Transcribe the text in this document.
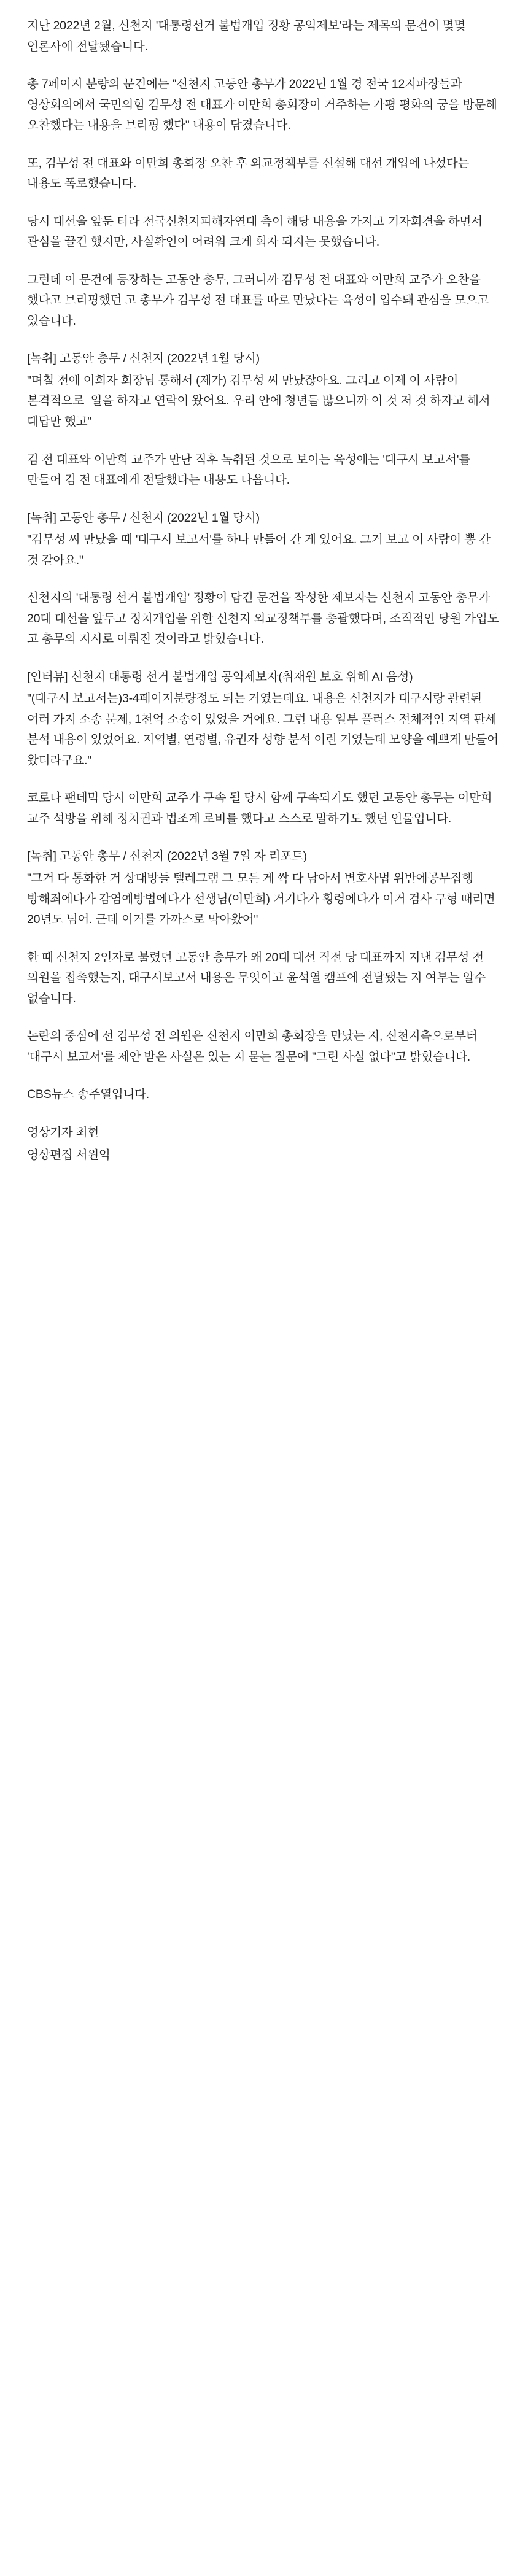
지난 2022년 2월, 신천지 '대통령선거 불법개입 정황 공익제보'라는 제목의 문건이 몇몇 언론사에 전달됐습니다.

총 7페이지 분량의 문건에는 "신천지 고동안 총무가 2022년 1월 경 전국 12지파장들과 영상회의에서 국민의힘 김무성 전 대표가 이만희 총회장이 거주하는 가평 평화의 궁을 방문해 오찬했다는 내용을 브리핑 했다" 내용이 담겼습니다.

또, 김무성 전 대표와 이만희 총회장 오찬 후 외교정책부를 신설해 대선 개입에 나섰다는 내용도 폭로했습니다.

당시 대선을 앞둔 터라 전국신천지피해자연대 측이 해당 내용을 가지고 기자회견을 하면서 관심을 끌긴 했지만, 사실확인이 어려워 크게 회자 되지는 못했습니다.

그런데 이 문건에 등장하는 고동안 총무, 그러니까 김무성 전 대표와 이만희 교주가 오찬을 했다고 브리핑했던 고 총무가 김무성 전 대표를 따로 만났다는 육성이 입수돼 관심을 모으고 있습니다.

[녹취] 고동안 총무 / 신천지 (2022년 1월 당시)

"며칠 전에 이희자 회장님 통해서 (제가) 김무성 씨 만났잖아요. 그리고 이제 이 사람이 본격적으로  일을 하자고 연락이 왔어요. 우리 안에 청년들 많으니까 이 것 저 것 하자고 해서 대답만 했고"

김 전 대표와 이만희 교주가 만난 직후 녹취된 것으로 보이는 육성에는 '대구시 보고서'를 만들어 김 전 대표에게 전달했다는 내용도 나옵니다.

[녹취] 고동안 총무 / 신천지 (2022년 1월 당시)

"김무성 씨 만났을 때 '대구시 보고서'를 하나 만들어 간 게 있어요. 그거 보고 이 사람이 뽕 간 것 같아요."

신천지의 '대통령 선거 불법개입' 정황이 담긴 문건을 작성한 제보자는 신천지 고동안 총무가 20대 대선을 앞두고 정치개입을 위한 신천지 외교정책부를 총괄했다며, 조직적인 당원 가입도 고 총무의 지시로 이뤄진 것이라고 밝혔습니다.

[인터뷰] 신천지 대통령 선거 불법개입 공익제보자(취재원 보호 위해 AI 음성)

"(대구시 보고서는)3-4페이지분량정도 되는 거였는데요. 내용은 신천지가 대구시랑 관련된 여러 가지 소송 문제, 1천억 소송이 있었을 거에요. 그런 내용 일부 플러스 전체적인 지역 판세 분석 내용이 있었어요. 지역별, 연령별, 유권자 성향 분석 이런 거였는데 모양을 예쁘게 만들어 왔더라구요."

코로나 팬데믹 당시 이만희 교주가 구속 될 당시 함께 구속되기도 했던 고동안 총무는 이만희 교주 석방을 위해 정치권과 법조계 로비를 했다고 스스로 말하기도 했던 인물입니다.

[녹취] 고동안 총무 / 신천지 (2022년 3월 7일 자 리포트)

"그거 다 통화한 거 상대방들 텔레그램 그 모든 게 싹 다 남아서 변호사법 위반에공무집행 방해죄에다가 감염예방법에다가 선생님(이만희) 거기다가 횡령에다가 이거 검사 구형 때리면 20년도 넘어. 근데 이거를 가까스로 막아왔어"

한 때 신천지 2인자로 불렸던 고동안 총무가 왜 20대 대선 직전 당 대표까지 지낸 김무성 전 의원을 접촉했는지, 대구시보고서 내용은 무엇이고 윤석열 캠프에 전달됐는 지 여부는 알수 없습니다.

논란의 중심에 선 김무성 전 의원은 신천지 이만희 총회장을 만났는 지, 신천지측으로부터 '대구시 보고서'를 제안 받은 사실은 있는 지 묻는 질문에 "그런 사실 없다"고 밝혔습니다.

CBS뉴스 송주열입니다.

영상기자 최현

영상편집 서원익
